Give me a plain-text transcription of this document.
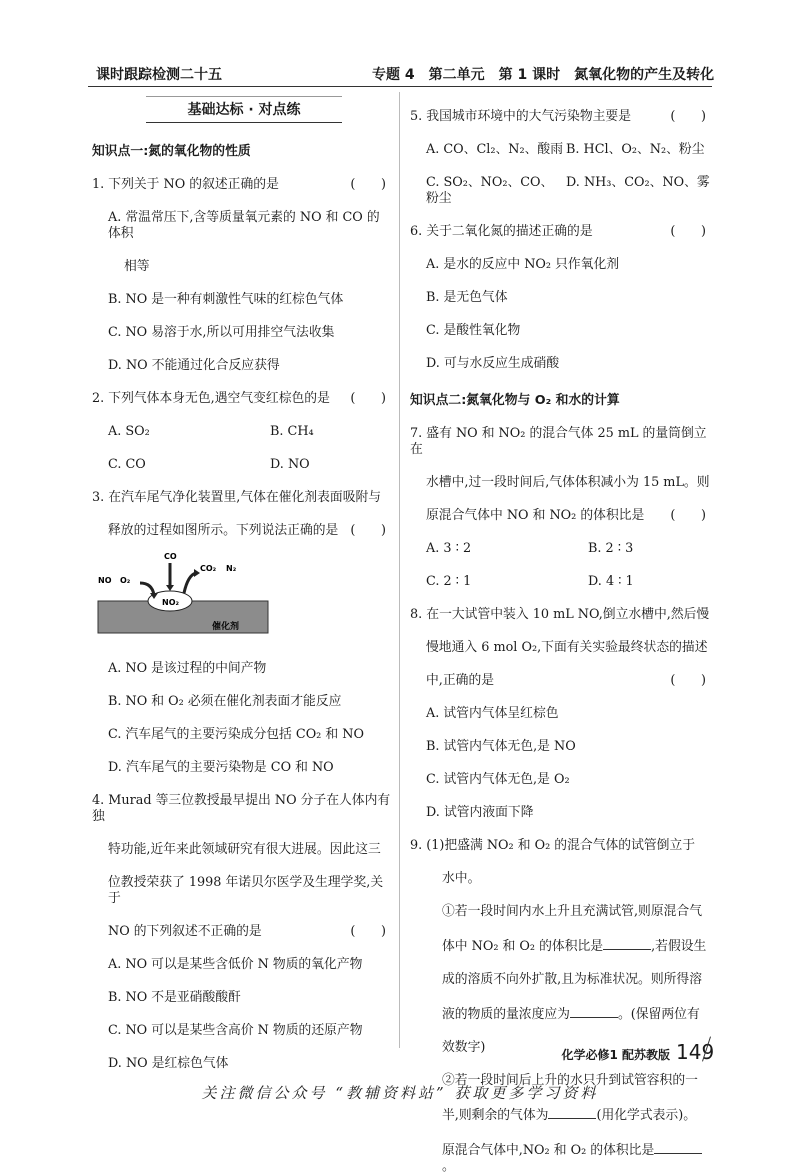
课时跟踪检测二十五	专题 4　第二单元　第 1 课时　氮氧化物的产生及转化
基础达标 · 对点练

知识点一:氮的氧化物的性质

1. 下列关于 NO 的叙述正确的是	(　　)

A. 常温常压下,含等质量氧元素的 NO 和 CO 的体积

相等

B. NO 是一种有刺激性气味的红棕色气体

C. NO 易溶于水,所以可用排空气法收集

D. NO 不能通过化合反应获得

2. 下列气体本身无色,遇空气变红棕色的是 (　　)

A. SO₂	B. CH₄

C. CO	D. NO

3. 在汽车尾气净化装置里,气体在催化剂表面吸附与

释放的过程如图所示。下列说法正确的是 (　　)

NO₂
催化剂
NO O₂
CO
CO₂ N₂

A. NO 是该过程的中间产物

B. NO 和 O₂ 必须在催化剂表面才能反应

C. 汽车尾气的主要污染成分包括 CO₂ 和 NO

D. 汽车尾气的主要污染物是 CO 和 NO

4. Murad 等三位教授最早提出 NO 分子在人体内有独

特功能,近年来此领域研究有很大进展。因此这三

位教授荣获了 1998 年诺贝尔医学及生理学奖,关于

NO 的下列叙述不正确的是	(　　)

A. NO 可以是某些含低价 N 物质的氧化产物

B. NO 不是亚硝酸酸酐

C. NO 可以是某些含高价 N 物质的还原产物

D. NO 是红棕色气体

5. 我国城市环境中的大气污染物主要是	(　　)

A. CO、Cl₂、N₂、酸雨 B. HCl、O₂、N₂、粉尘

C. SO₂、NO₂、CO、粉尘
D. NH₃、CO₂、NO、雾

6. 关于二氧化氮的描述正确的是	(　　)

A. 是水的反应中 NO₂ 只作氧化剂

B. 是无色气体

C. 是酸性氧化物

D. 可与水反应生成硝酸

知识点二:氮氧化物与 O₂ 和水的计算

7. 盛有 NO 和 NO₂ 的混合气体 25 mL 的量筒倒立在

水槽中,过一段时间后,气体体积减小为 15 mL。则

原混合气体中 NO 和 NO₂ 的体积比是 (　　)

A. 3 ∶ 2	B. 2 ∶ 3

C. 2 ∶ 1	D. 4 ∶ 1

8. 在一大试管中装入 10 mL NO,倒立水槽中,然后慢

慢地通入 6 mol O₂,下面有关实验最终状态的描述

中,正确的是	(　　)

A. 试管内气体呈红棕色

B. 试管内气体无色,是 NO

C. 试管内气体无色,是 O₂

D. 试管内液面下降

9. (1)把盛满 NO₂ 和 O₂ 的混合气体的试管倒立于

水中。

①若一段时间内水上升且充满试管,则原混合气

体中 NO₂ 和 O₂ 的体积比是	,若假设生

成的溶质不向外扩散,且为标准状况。则所得溶

液的物质的量浓度应为	。(保留两位有

效数字)

②若一段时间后上升的水只升到试管容积的一

半,则剩余的气体为	(用化学式表示)。

原混合气体中,NO₂ 和 O₂ 的体积比是。

化学必修1 配苏教版 149
关注微信公众号 “教辅资料站” 获取更多学习资料
